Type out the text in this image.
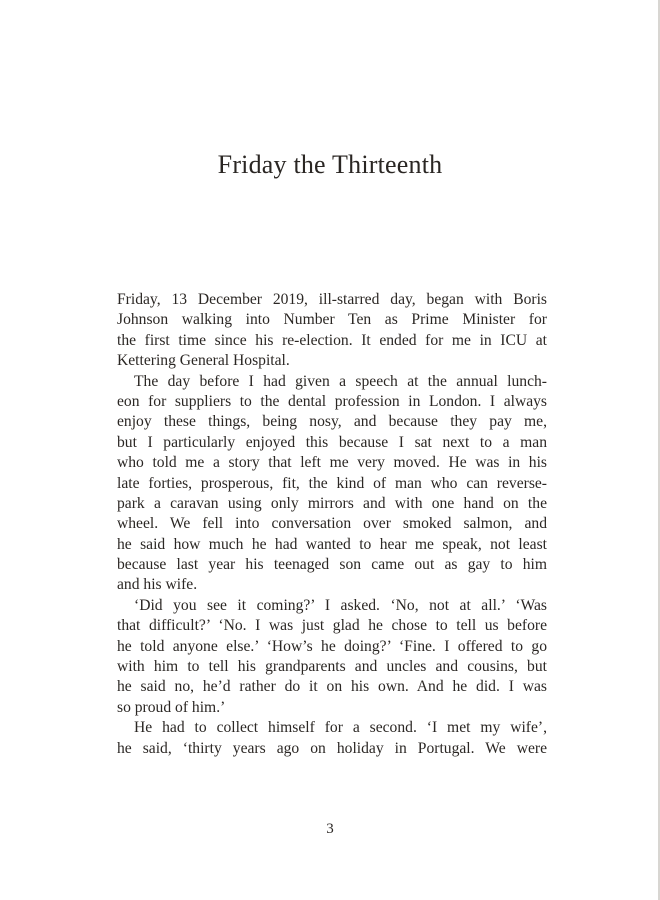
Friday the Thirteenth
Friday, 13 December 2019, ill-starred day, began with Boris
Johnson walking into Number Ten as Prime Minister for
the first time since his re-election. It ended for me in ICU at
Kettering General Hospital.
The day before I had given a speech at the annual lunch-
eon for suppliers to the dental profession in London. I always
enjoy these things, being nosy, and because they pay me,
but I particularly enjoyed this because I sat next to a man
who told me a story that left me very moved. He was in his
late forties, prosperous, fit, the kind of man who can reverse-
park a caravan using only mirrors and with one hand on the
wheel. We fell into conversation over smoked salmon, and
he said how much he had wanted to hear me speak, not least
because last year his teenaged son came out as gay to him
and his wife.
‘Did you see it coming?’ I asked. ‘No, not at all.’ ‘Was
that difficult?’ ‘No. I was just glad he chose to tell us before
he told anyone else.’ ‘How’s he doing?’ ‘Fine. I offered to go
with him to tell his grandparents and uncles and cousins, but
he said no, he’d rather do it on his own. And he did. I was
so proud of him.’
He had to collect himself for a second. ‘I met my wife’,
he said, ‘thirty years ago on holiday in Portugal. We were
3
